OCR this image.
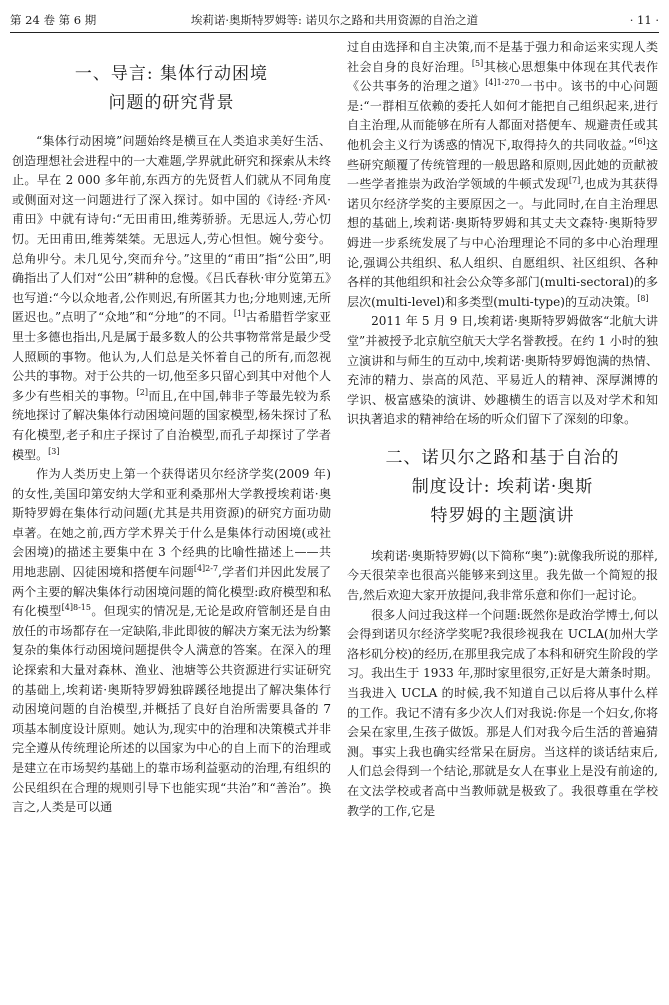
第 24 卷 第 6 期	埃莉诺·奥斯特罗姆等: 诺贝尔之路和共用资源的自治之道	· 11 ·
一、导言: 集体行动困境
问题的研究背景

“集体行动困境”问题始终是横亘在人类追求美好生活、创造理想社会进程中的一大难题,学界就此研究和探索从未终止。早在 2 000 多年前,东西方的先贤哲人们就从不同角度或侧面对这一问题进行了深入探讨。如中国的《诗经·齐风·甫田》中就有诗句:“无田甫田,维莠骄骄。无思远人,劳心忉忉。无田甫田,维莠桀桀。无思远人,劳心怛怛。婉兮娈兮。总角丱兮。未几见兮,突而弁兮。”这里的“甫田”指“公田”,明确指出了人们对“公田”耕种的怠慢。《吕氏春秋·审分览第五》也写道:“今以众地者,公作则迟,有所匿其力也;分地则速,无所匿迟也。”点明了“众地”和“分地”的不同。[1]古希腊哲学家亚里士多德也指出,凡是属于最多数人的公共事物常常是最少受人照顾的事物。他认为,人们总是关怀着自己的所有,而忽视公共的事物。对于公共的一切,他至多只留心到其中对他个人多少有些相关的事物。[2]而且,在中国,韩非子等最先较为系统地探讨了解决集体行动困境问题的国家模型,杨朱探讨了私有化模型,老子和庄子探讨了自治模型,而孔子却探讨了学者模型。[3]

作为人类历史上第一个获得诺贝尔经济学奖(2009 年)的女性,美国印第安纳大学和亚利桑那州大学教授埃莉诺·奥斯特罗姆在集体行动问题(尤其是共用资源)的研究方面功勋卓著。在她之前,西方学术界关于什么是集体行动困境(或社会困境)的描述主要集中在 3 个经典的比喻性描述上——共用地悲剧、囚徒困境和搭便车问题$^{[4]2-7}$,学者们并因此发展了两个主要的解决集体行动困境问题的简化模型:政府模型和私有化模型$^{[4]8-15}$。但现实的情况是,无论是政府管制还是自由放任的市场都存在一定缺陷,非此即彼的解决方案无法为纷繁复杂的集体行动困境问题提供令人满意的答案。在深入的理论探索和大量对森林、渔业、池塘等公共资源进行实证研究的基础上,埃莉诺·奥斯特罗姆独辟蹊径地提出了解决集体行动困境问题的自治模型,并概括了良好自治所需要具备的 7 项基本制度设计原则。她认为,现实中的治理和决策模式并非完全遵从传统理论所述的以国家为中心的自上而下的治理或是建立在市场契约基础上的靠市场利益驱动的治理,有组织的公民组织在合理的规则引导下也能实现“共治”和“善治”。换言之,人类是可以通

过自由选择和自主决策,而不是基于强力和命运来实现人类社会自身的良好治理。[5]其核心思想集中体现在其代表作《公共事务的治理之道》$^{[4]1-270}$一书中。该书的中心问题是:“一群相互依赖的委托人如何才能把自己组织起来,进行自主治理,从而能够在所有人都面对搭便车、规避责任或其他机会主义行为诱惑的情况下,取得持久的共同收益。”[6]这些研究颠覆了传统管理的一般思路和原则,因此她的贡献被一些学者推崇为政治学领域的牛顿式发现[7],也成为其获得诺贝尔经济学奖的主要原因之一。与此同时,在自主治理思想的基础上,埃莉诺·奥斯特罗姆和其丈夫文森特·奥斯特罗姆进一步系统发展了与中心治理理论不同的多中心治理理论,强调公共组织、私人组织、自愿组织、社区组织、各种各样的其他组织和社会公众等多部门(multi-sectoral)的多层次(multi-level)和多类型(multi-type)的互动决策。[8]

2011 年 5 月 9 日,埃莉诺·奥斯特罗姆做客“北航大讲堂”并被授予北京航空航天大学名誉教授。在约 1 小时的独立演讲和与师生的互动中,埃莉诺·奥斯特罗姆饱满的热情、充沛的精力、崇高的风范、平易近人的精神、深厚渊博的学识、极富感染的演讲、妙趣横生的语言以及对学术和知识执著追求的精神给在场的听众们留下了深刻的印象。

二、诺贝尔之路和基于自治的
制度设计: 埃莉诺·奥斯
特罗姆的主题演讲

埃莉诺·奥斯特罗姆(以下简称“奥”):就像我所说的那样,今天很荣幸也很高兴能够来到这里。我先做一个简短的报告,然后欢迎大家开放提问,我非常乐意和你们一起讨论。

很多人问过我这样一个问题:既然你是政治学博士,何以会得到诺贝尔经济学奖呢?我很珍视我在 UCLA(加州大学洛杉矶分校)的经历,在那里我完成了本科和研究生阶段的学习。我出生于 1933 年,那时家里很穷,正好是大萧条时期。当我进入 UCLA 的时候,我不知道自己以后将从事什么样的工作。我记不清有多少次人们对我说:你是一个妇女,你将会呆在家里,生孩子做饭。那是人们对我今后生活的普遍猜测。事实上我也确实经常呆在厨房。当这样的谈话结束后,人们总会得到一个结论,那就是女人在事业上是没有前途的,在文法学校或者高中当教师就是极致了。我很尊重在学校教学的工作,它是
